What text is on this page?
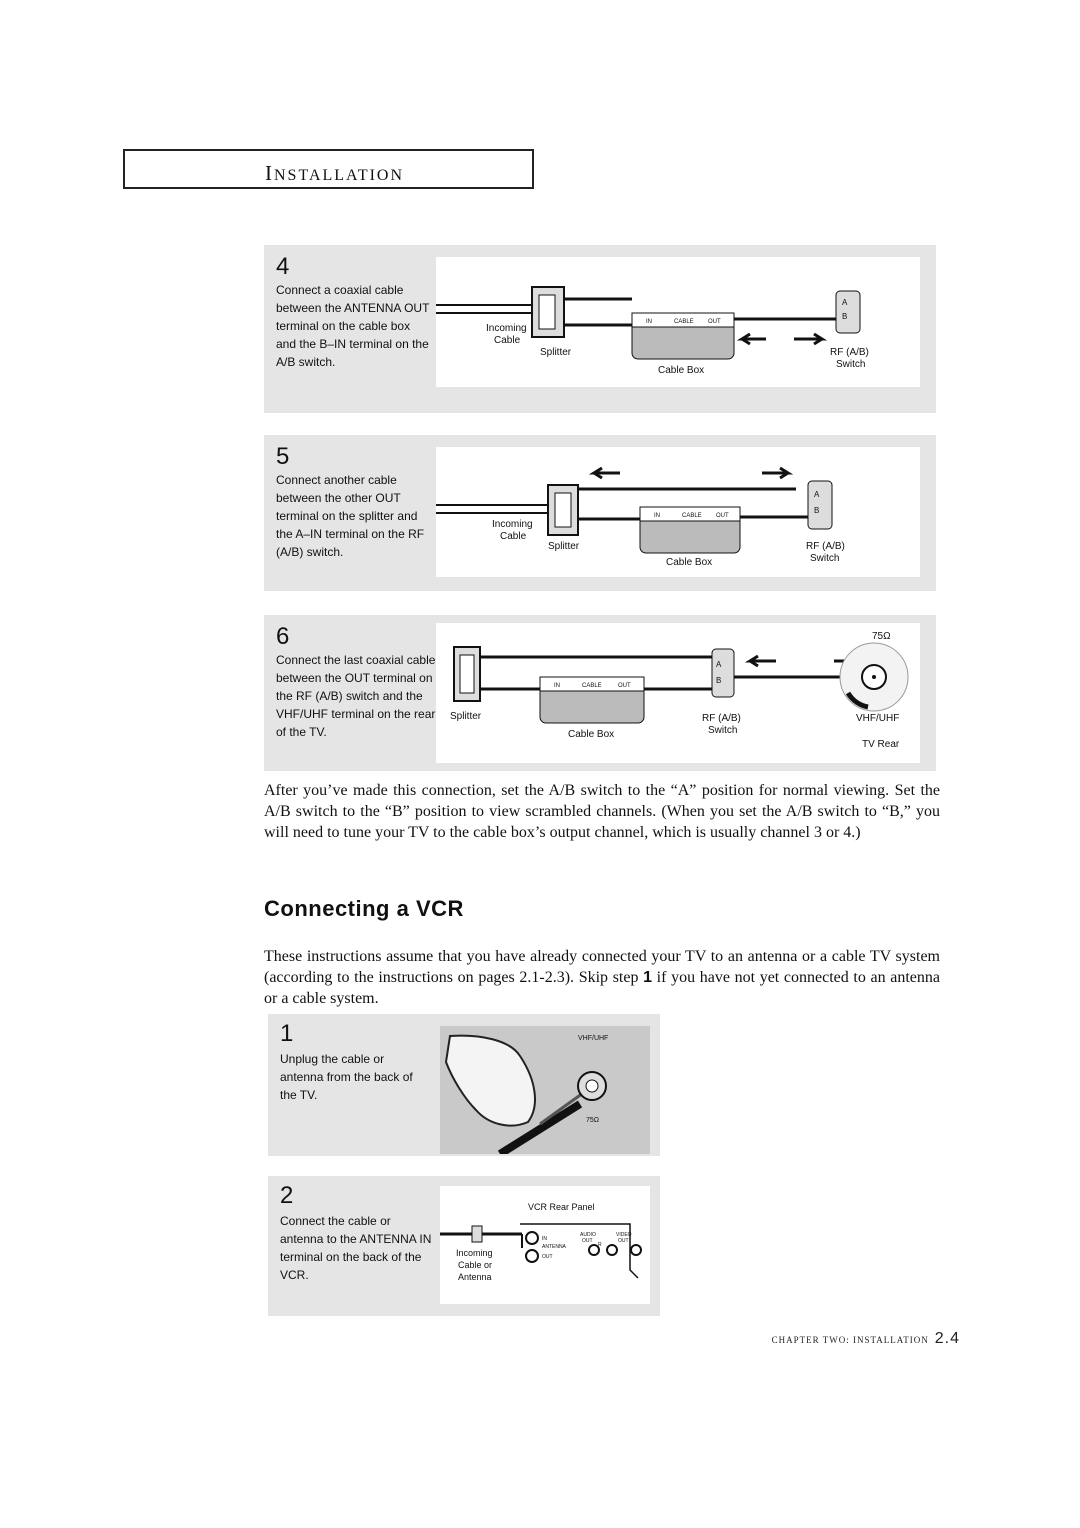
INSTALLATION
4
Connect a coaxial cable between the ANTENNA OUT terminal on the cable box and the B–IN terminal on the A/B switch.
IN	CABLE OUT
A
B
Incoming
Cable
Splitter
Cable Box
RF (A/B)
Switch
5
Connect another cable between the other OUT terminal on the splitter and the A–IN terminal on the RF (A/B) switch.
IN	CABLE OUT
A
B
Incoming
Cable
Splitter
Cable Box
RF (A/B)
Switch
6
Connect the last coaxial cable between the OUT terminal on the RF (A/B) switch and the VHF/UHF terminal on the rear of the TV.
IN	CABLE	OUT
A
B
75Ω
Splitter
Cable Box
RF (A/B)
Switch
VHF/UHF
TV Rear
After you’ve made this connection, set the A/B switch to the “A” position for normal viewing. Set the A/B switch to the “B” position to view scrambled channels. (When you set the A/B switch to “B,” you will need to tune your TV to the cable box’s output channel, which is usually channel 3 or 4.)
Connecting a VCR
These instructions assume that you have already connected your TV to an antenna or a cable TV system (according to the instructions on pages 2.1-2.3). Skip step 1 if you have not yet connected to an antenna or a cable system.
1
Unplug the cable or antenna from the back of the TV.
VHF/UHF
75Ω
2
Connect the cable or antenna to the ANTENNA IN terminal on the back of the VCR.
VCR Rear Panel
IN
ANTENNA
OUT
AUDIO	VIDEO
OUT	OUT
R
Incoming
Cable or
Antenna
CHAPTER TWO: INSTALLATION 2.4
